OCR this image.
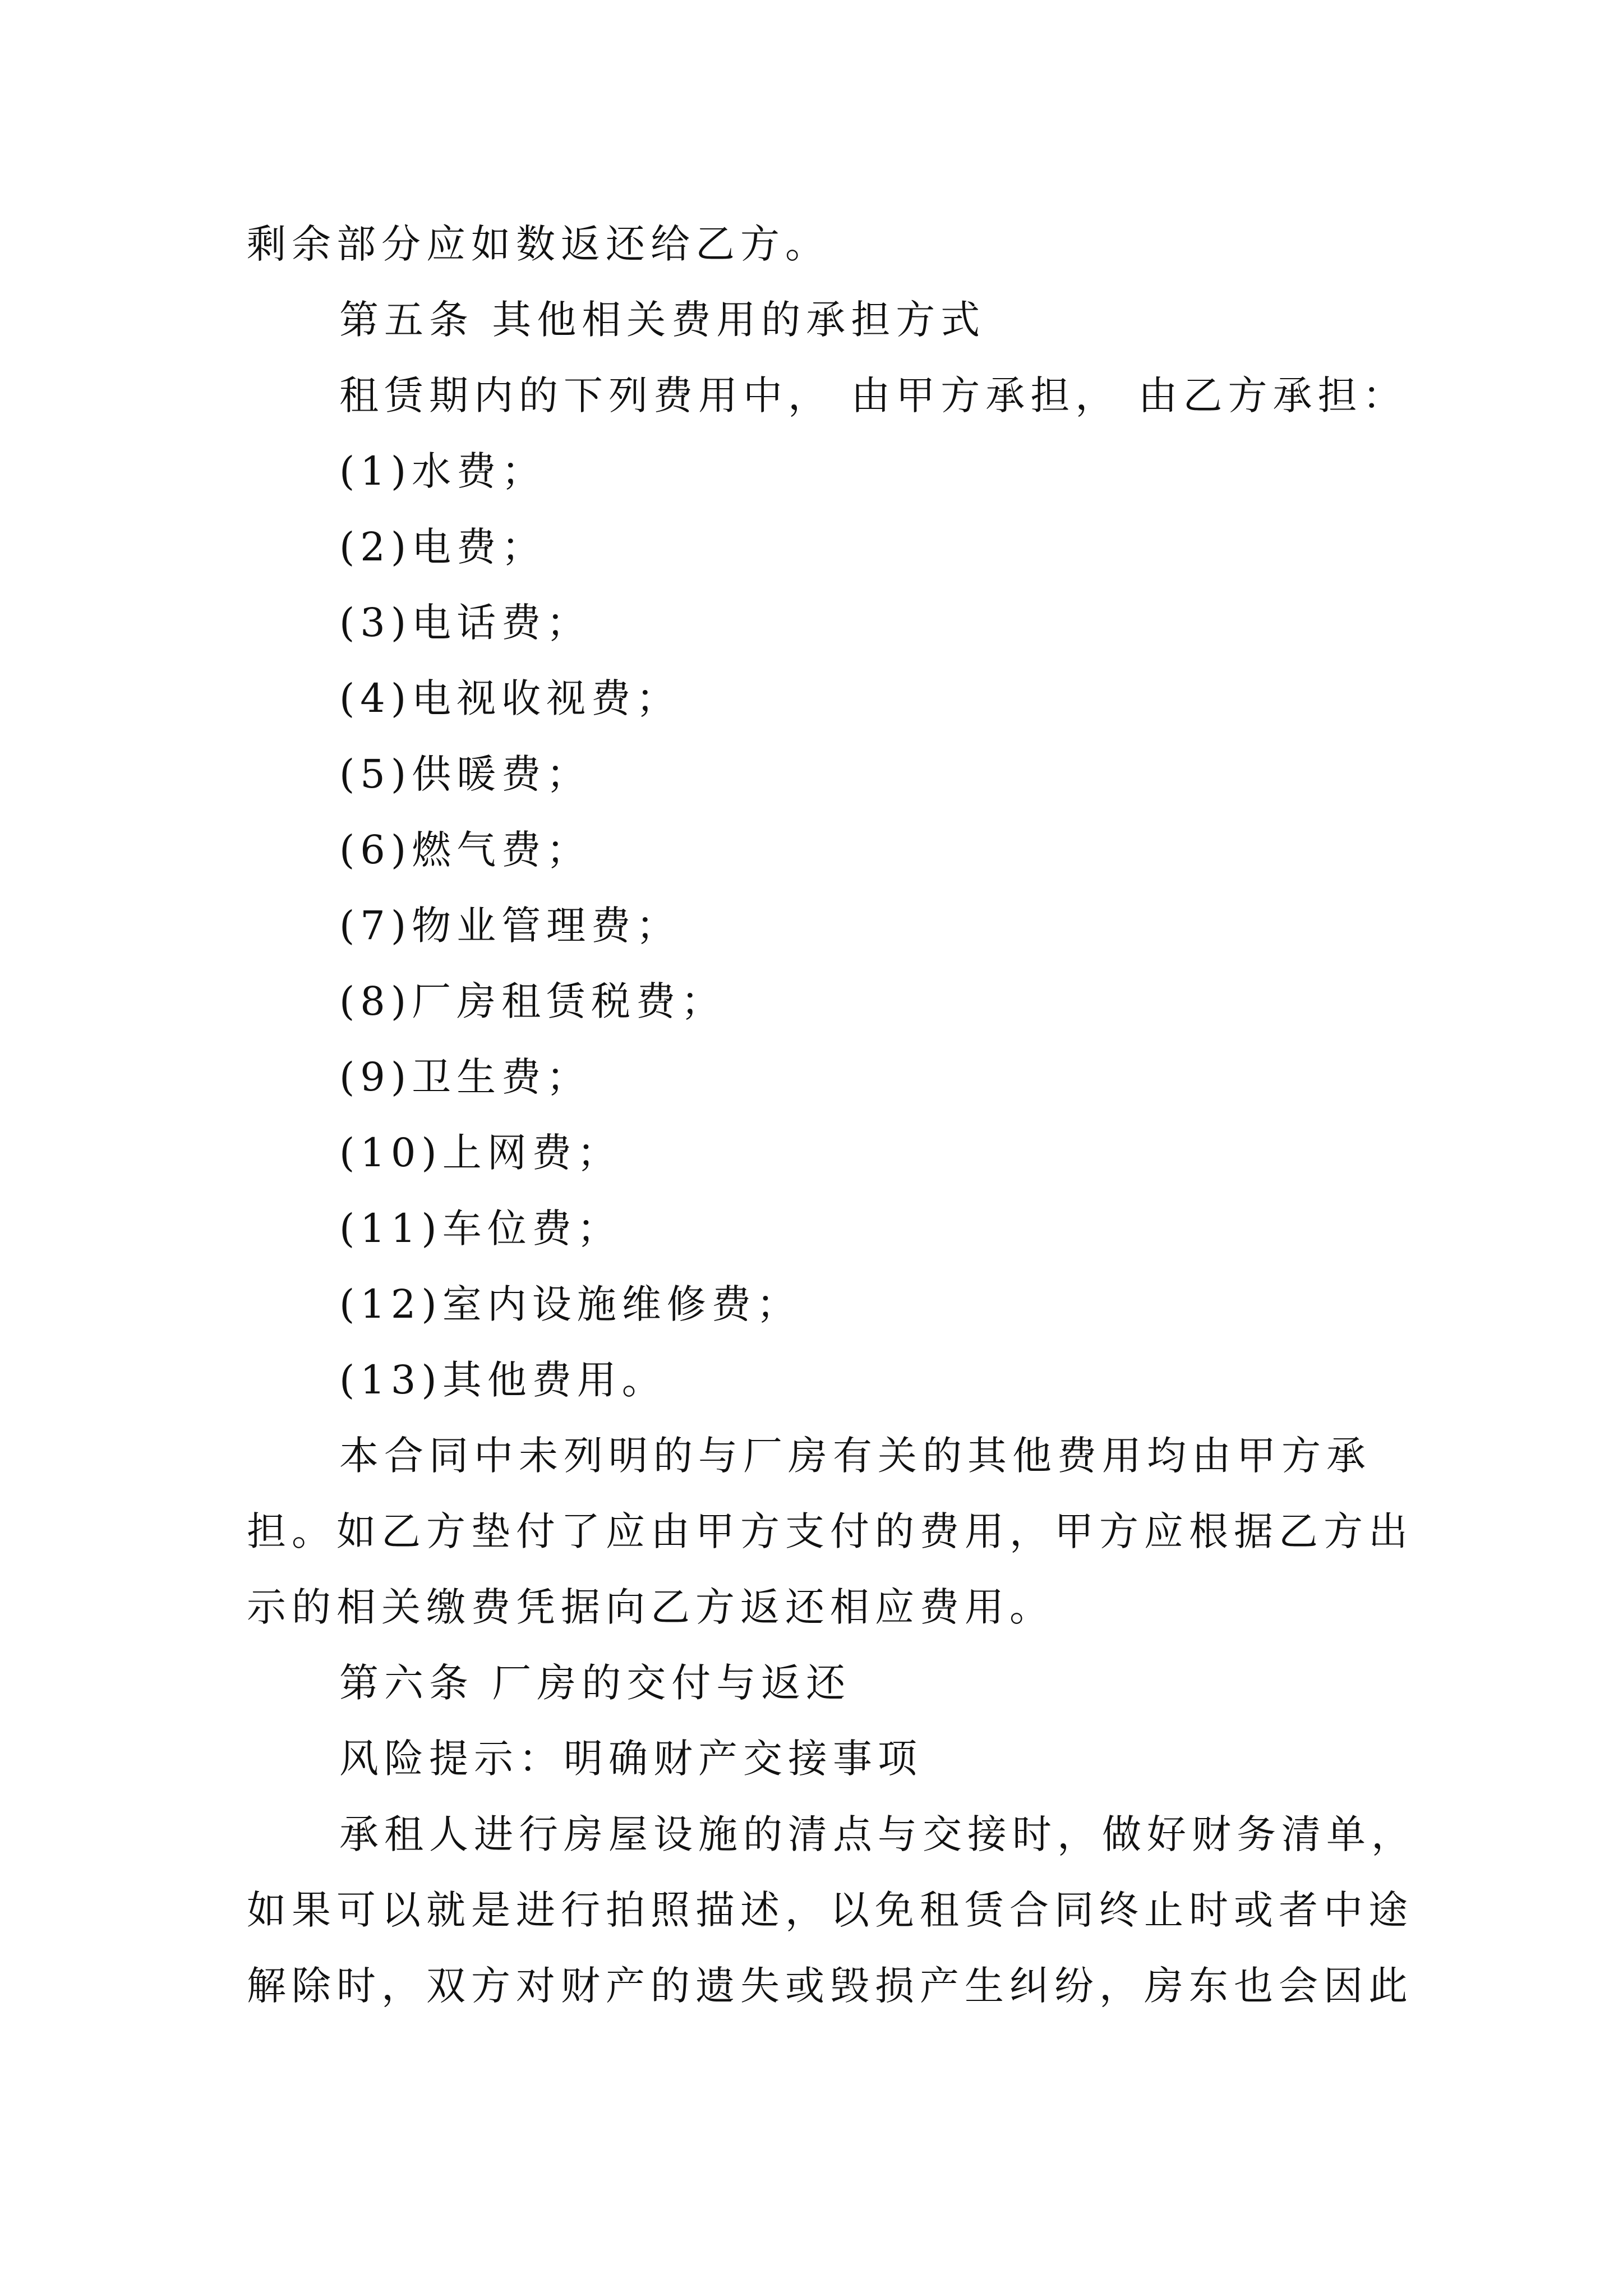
剩余部分应如数返还给乙方。

第五条 其他相关费用的承担方式

租赁期内的下列费用中， 由甲方承担， 由乙方承担：

(1)水费；

(2)电费；

(3)电话费；

(4)电视收视费；

(5)供暖费；

(6)燃气费；

(7)物业管理费；

(8)厂房租赁税费；

(9)卫生费；

(10)上网费；

(11)车位费；

(12)室内设施维修费；

(13)其他费用。

本合同中未列明的与厂房有关的其他费用均由甲方承

担。如乙方垫付了应由甲方支付的费用，甲方应根据乙方出

示的相关缴费凭据向乙方返还相应费用。

第六条 厂房的交付与返还

风险提示：明确财产交接事项

承租人进行房屋设施的清点与交接时，做好财务清单，

如果可以就是进行拍照描述，以免租赁合同终止时或者中途

解除时，双方对财产的遗失或毁损产生纠纷，房东也会因此
